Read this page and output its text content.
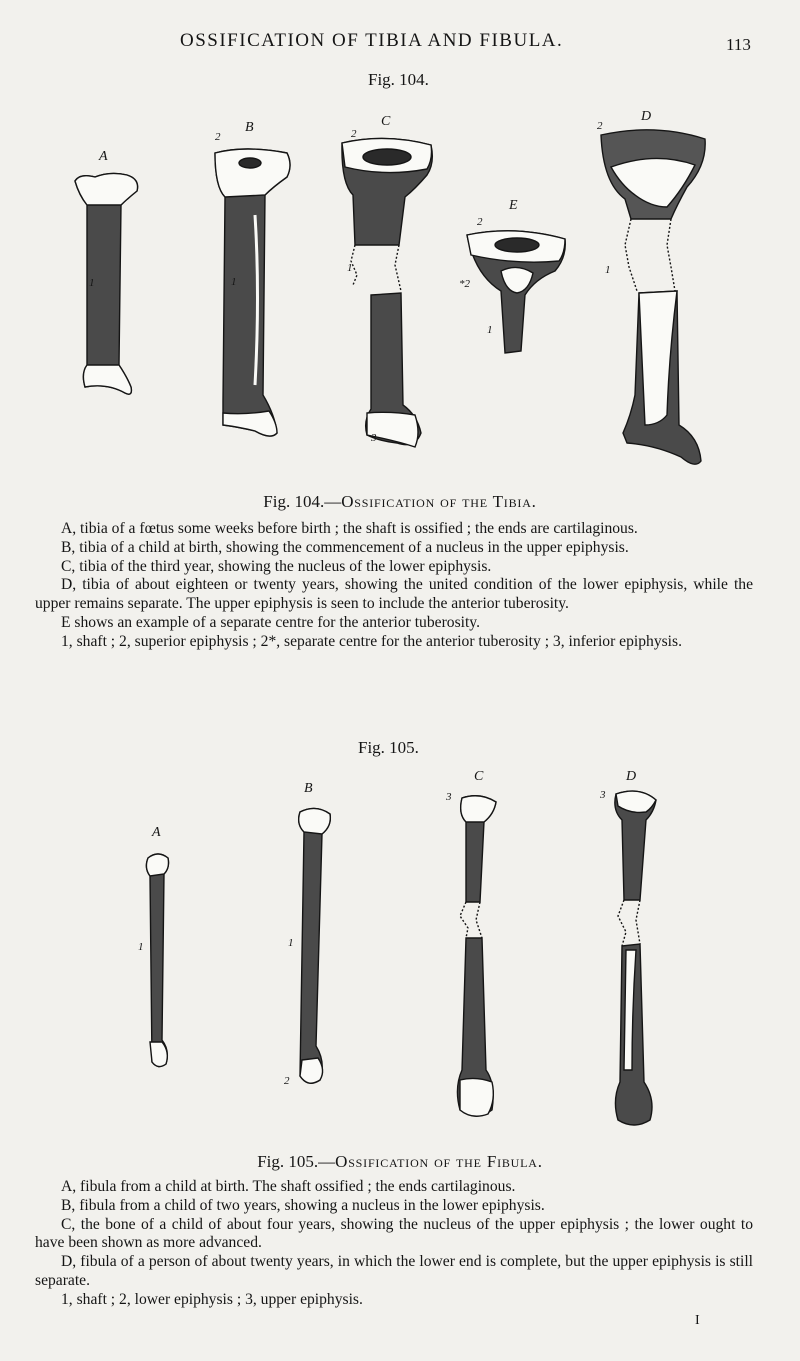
OSSIFICATION OF TIBIA AND FIBULA.	113
Fig. 104.
A
B	C	D
E
1
2	2
1
3
2
*2
1
2
1
1
Fig. 104.—Ossification of the Tibia.

A, tibia of a fœtus some weeks before birth ; the shaft is ossified ; the ends are cartilaginous.

B, tibia of a child at birth, showing the commencement of a nucleus in the upper epiphysis.

C, tibia of the third year, showing the nucleus of the lower epiphysis.

D, tibia of about eighteen or twenty years, showing the united condition of the lower epiphysis, while the upper remains separate. The upper epiphysis is seen to include the anterior tuberosity.

E shows an example of a separate centre for the anterior tuberosity.

1, shaft ; 2, superior epiphysis ; 2*, separate centre for the anterior tuberosity ; 3, inferior epiphysis.

Fig. 105.
A
B
C	D
1	1
2
3	3
Fig. 105.—Ossification of the Fibula.

A, fibula from a child at birth. The shaft ossified ; the ends cartilaginous.

B, fibula from a child of two years, showing a nucleus in the lower epiphysis.

C, the bone of a child of about four years, showing the nucleus of the upper epiphysis ; the lower ought to have been shown as more advanced.

D, fibula of a person of about twenty years, in which the lower end is complete, but the upper epiphysis is still separate.

1, shaft ; 2, lower epiphysis ; 3, upper epiphysis.

I
